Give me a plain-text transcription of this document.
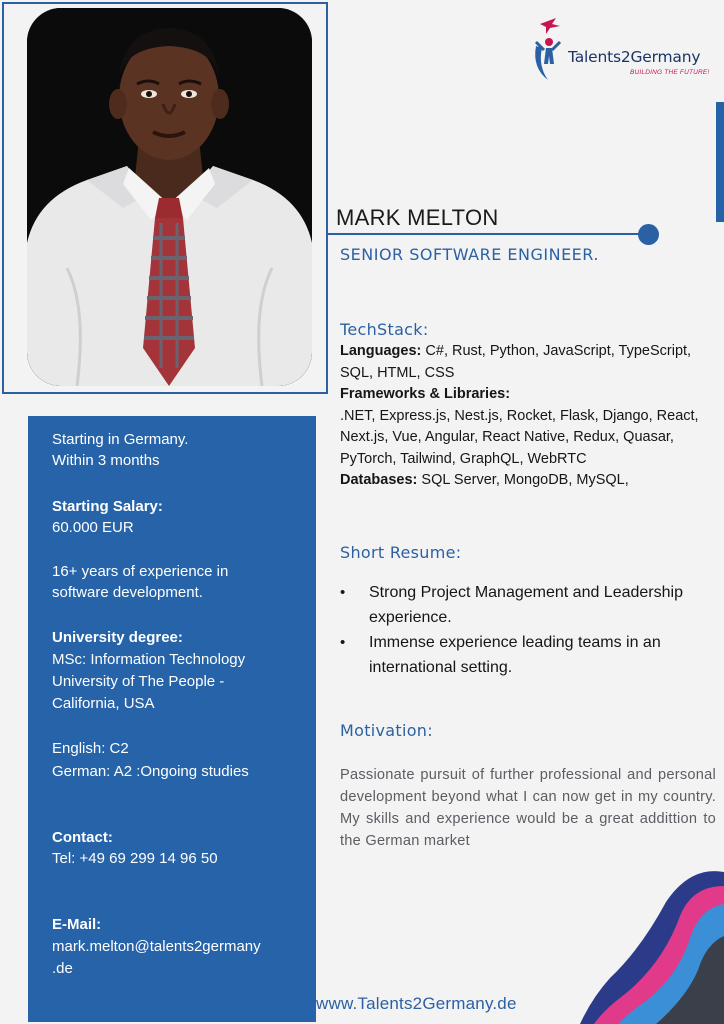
Talents2Germany
BUILDING THE FUTURE!
MARK MELTON
SENIOR SOFTWARE ENGINEER.
TechStack:
Languages: C#, Rust, Python, JavaScript, TypeScript, SQL, HTML, CSS
Frameworks & Libraries:
.NET, Express.js, Nest.js, Rocket, Flask, Django, React, Next.js, Vue, Angular, React Native, Redux, Quasar, PyTorch, Tailwind, GraphQL, WebRTC
Databases: SQL Server, MongoDB, MySQL,
Short Resume:
• Strong Project Management and Leadership experience.
• Immense experience leading teams in an international setting.
Motivation:
Passionate pursuit of further professional and personal development beyond what I can now get in my country. My skills and experience would be a great addittion to the German market
Starting in Germany.
Within 3 months
Starting Salary:
60.000 EUR
16+ years of experience in
software development.
University degree:
MSc: Information Technology
University of The People -
California, USA
English: C2
German: A2 :Ongoing studies
Contact:
Tel: +49 69 299 14 96 50
E-Mail:
mark.melton@talents2germany
.de
www.Talents2Germany.de
